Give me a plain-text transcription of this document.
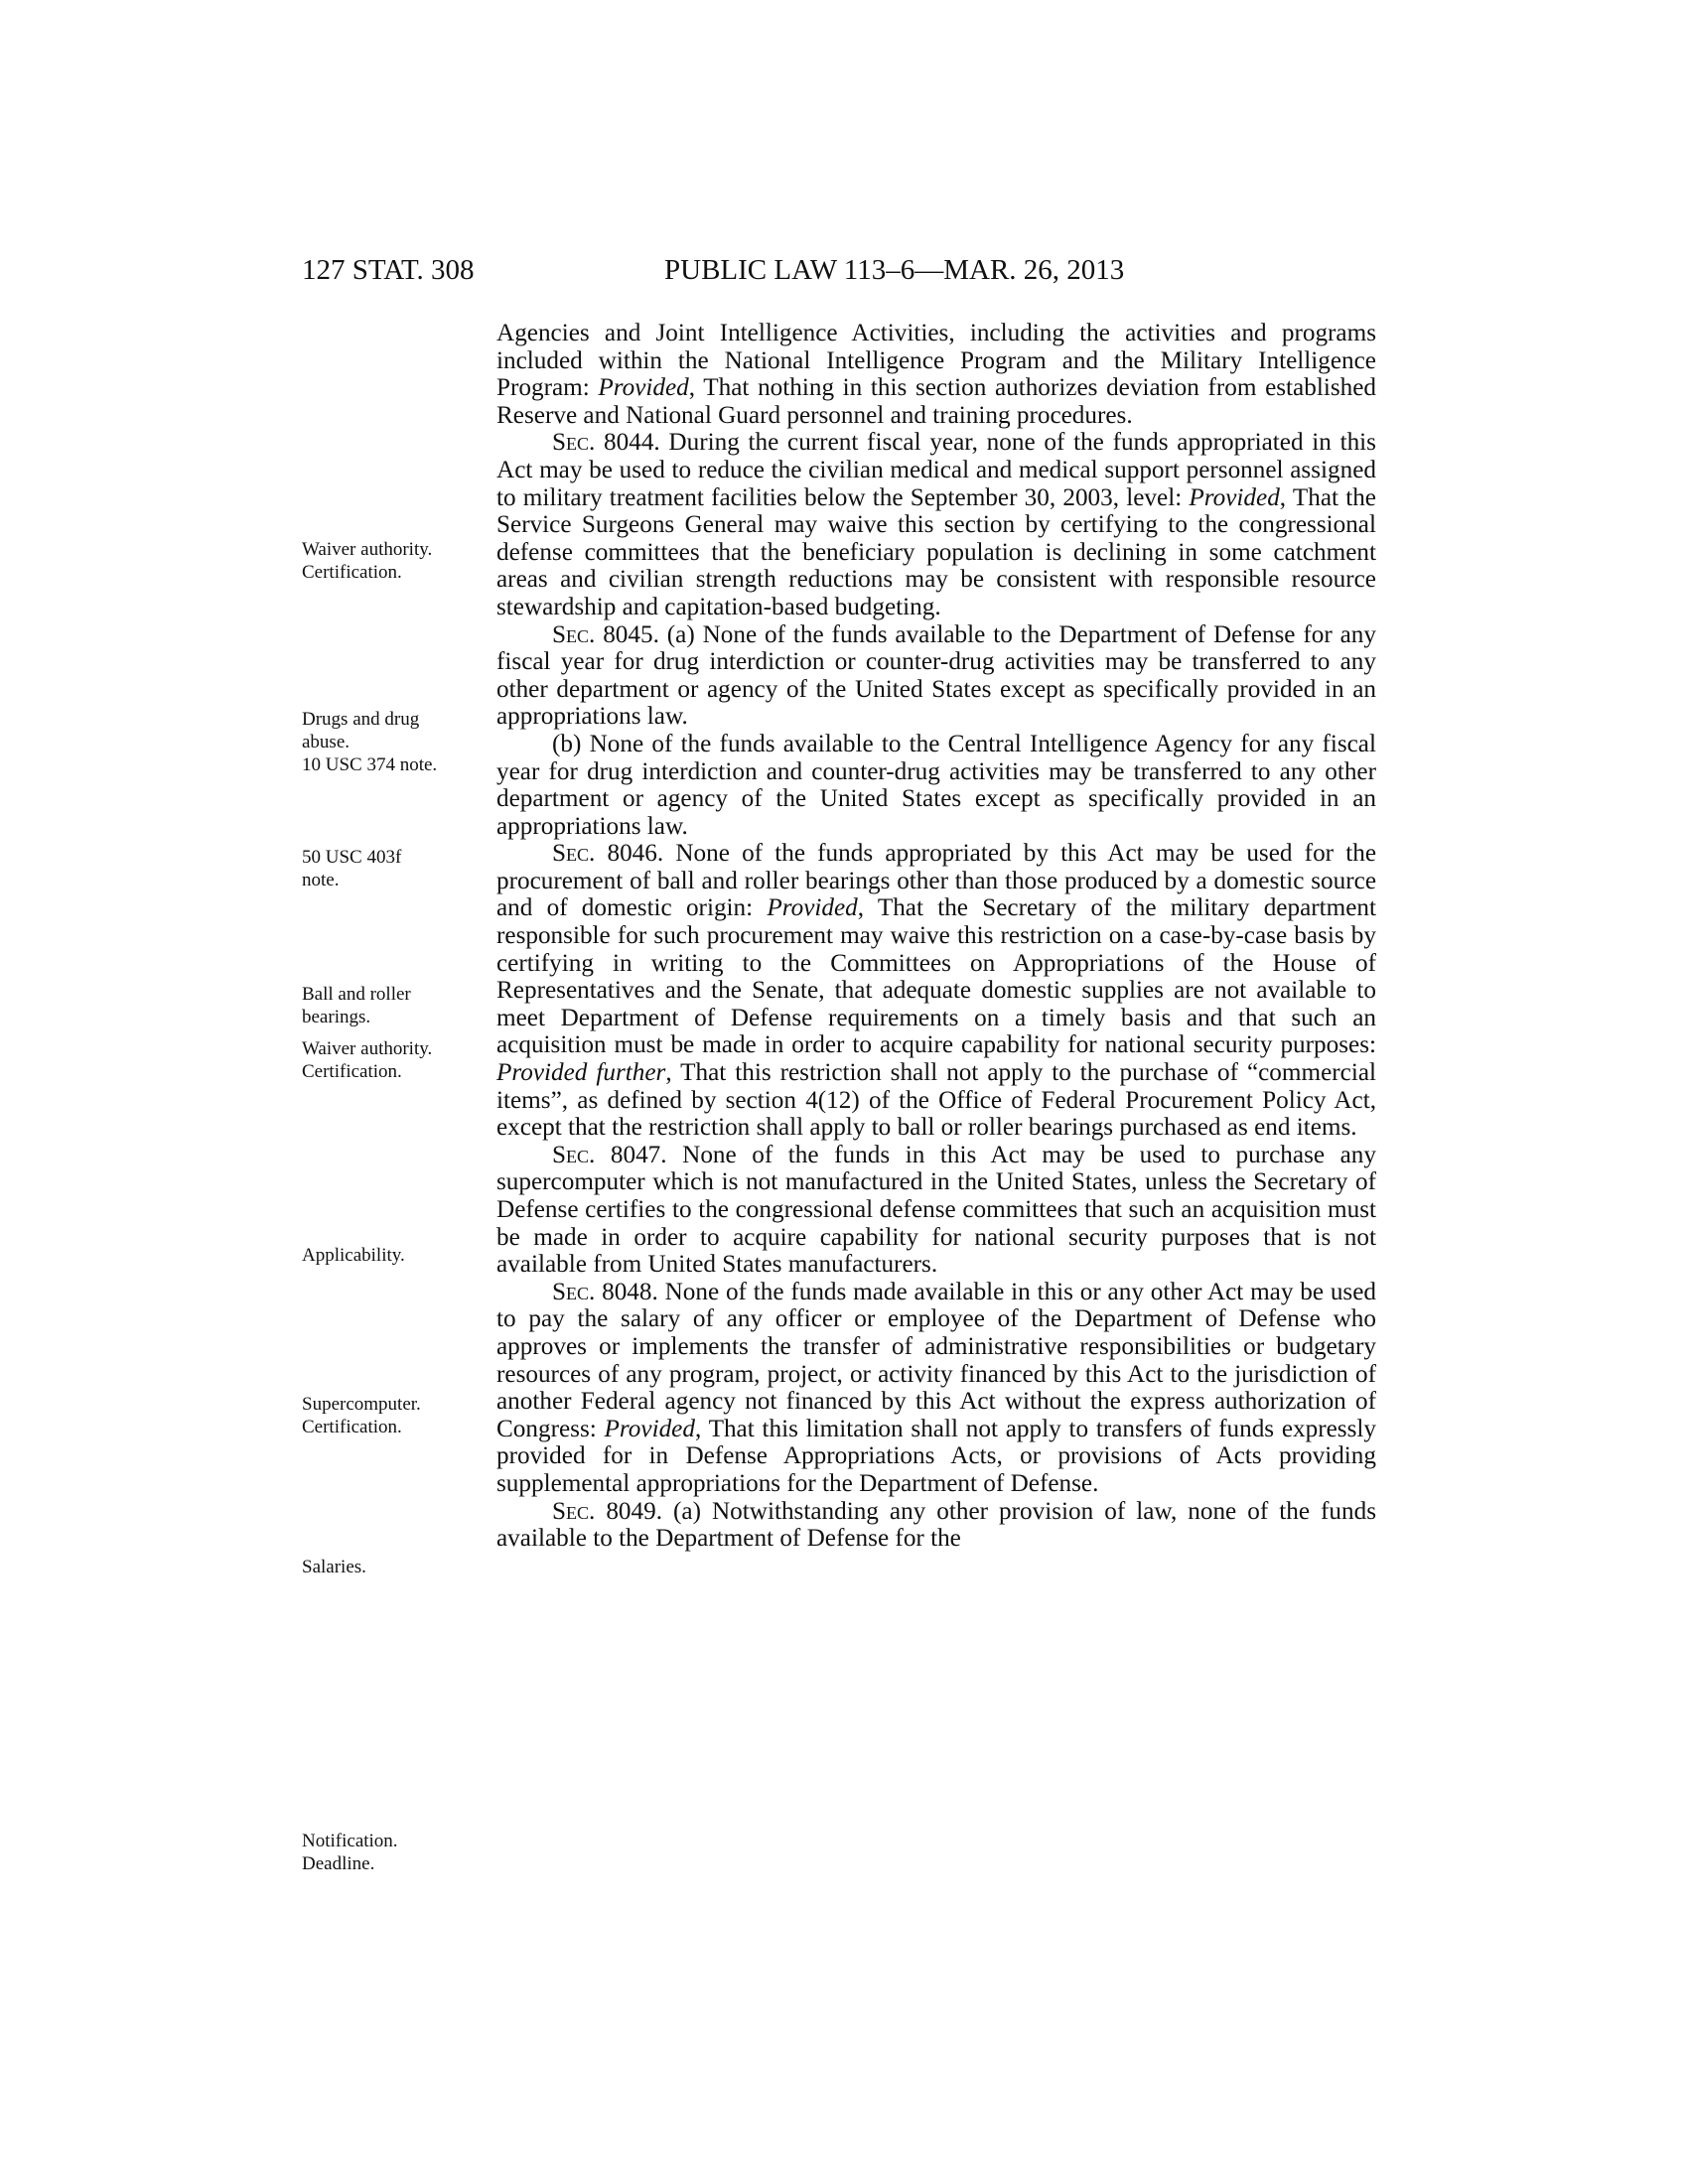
127 STAT. 308	PUBLIC LAW 113–6—MAR. 26, 2013
Waiver authority.
Certification.
Drugs and drug
abuse.
10 USC 374 note.
50 USC 403f
note.
Ball and roller
bearings.
Waiver authority.
Certification.
Applicability.
Supercomputer.
Certification.
Salaries.
Notification.
Deadline.

Agencies and Joint Intelligence Activities, including the activities and programs included within the National Intelligence Program and the Military Intelligence Program: Provided, That nothing in this section authorizes deviation from established Reserve and National Guard personnel and training procedures.

Sec. 8044. During the current fiscal year, none of the funds appropriated in this Act may be used to reduce the civilian medical and medical support personnel assigned to military treatment facilities below the September 30, 2003, level: Provided, That the Service Surgeons General may waive this section by certifying to the congressional defense committees that the beneficiary population is declining in some catchment areas and civilian strength reductions may be consistent with responsible resource stewardship and capitation-based budgeting.

Sec. 8045. (a) None of the funds available to the Department of Defense for any fiscal year for drug interdiction or counter-drug activities may be transferred to any other department or agency of the United States except as specifically provided in an appropriations law.

(b) None of the funds available to the Central Intelligence Agency for any fiscal year for drug interdiction and counter-drug activities may be transferred to any other department or agency of the United States except as specifically provided in an appropriations law.

Sec. 8046. None of the funds appropriated by this Act may be used for the procurement of ball and roller bearings other than those produced by a domestic source and of domestic origin: Provided, That the Secretary of the military department responsible for such procurement may waive this restriction on a case-by-case basis by certifying in writing to the Committees on Appropriations of the House of Representatives and the Senate, that adequate domestic supplies are not available to meet Department of Defense requirements on a timely basis and that such an acquisition must be made in order to acquire capability for national security purposes: Provided further, That this restriction shall not apply to the purchase of “commercial items”, as defined by section 4(12) of the Office of Federal Procurement Policy Act, except that the restriction shall apply to ball or roller bearings purchased as end items.

Sec. 8047. None of the funds in this Act may be used to purchase any supercomputer which is not manufactured in the United States, unless the Secretary of Defense certifies to the congressional defense committees that such an acquisition must be made in order to acquire capability for national security purposes that is not available from United States manufacturers.

Sec. 8048. None of the funds made available in this or any other Act may be used to pay the salary of any officer or employee of the Department of Defense who approves or implements the transfer of administrative responsibilities or budgetary resources of any program, project, or activity financed by this Act to the jurisdiction of another Federal agency not financed by this Act without the express authorization of Congress: Provided, That this limitation shall not apply to transfers of funds expressly provided for in Defense Appropriations Acts, or provisions of Acts providing supplemental appropriations for the Department of Defense.

Sec. 8049. (a) Notwithstanding any other provision of law, none of the funds available to the Department of Defense for the
